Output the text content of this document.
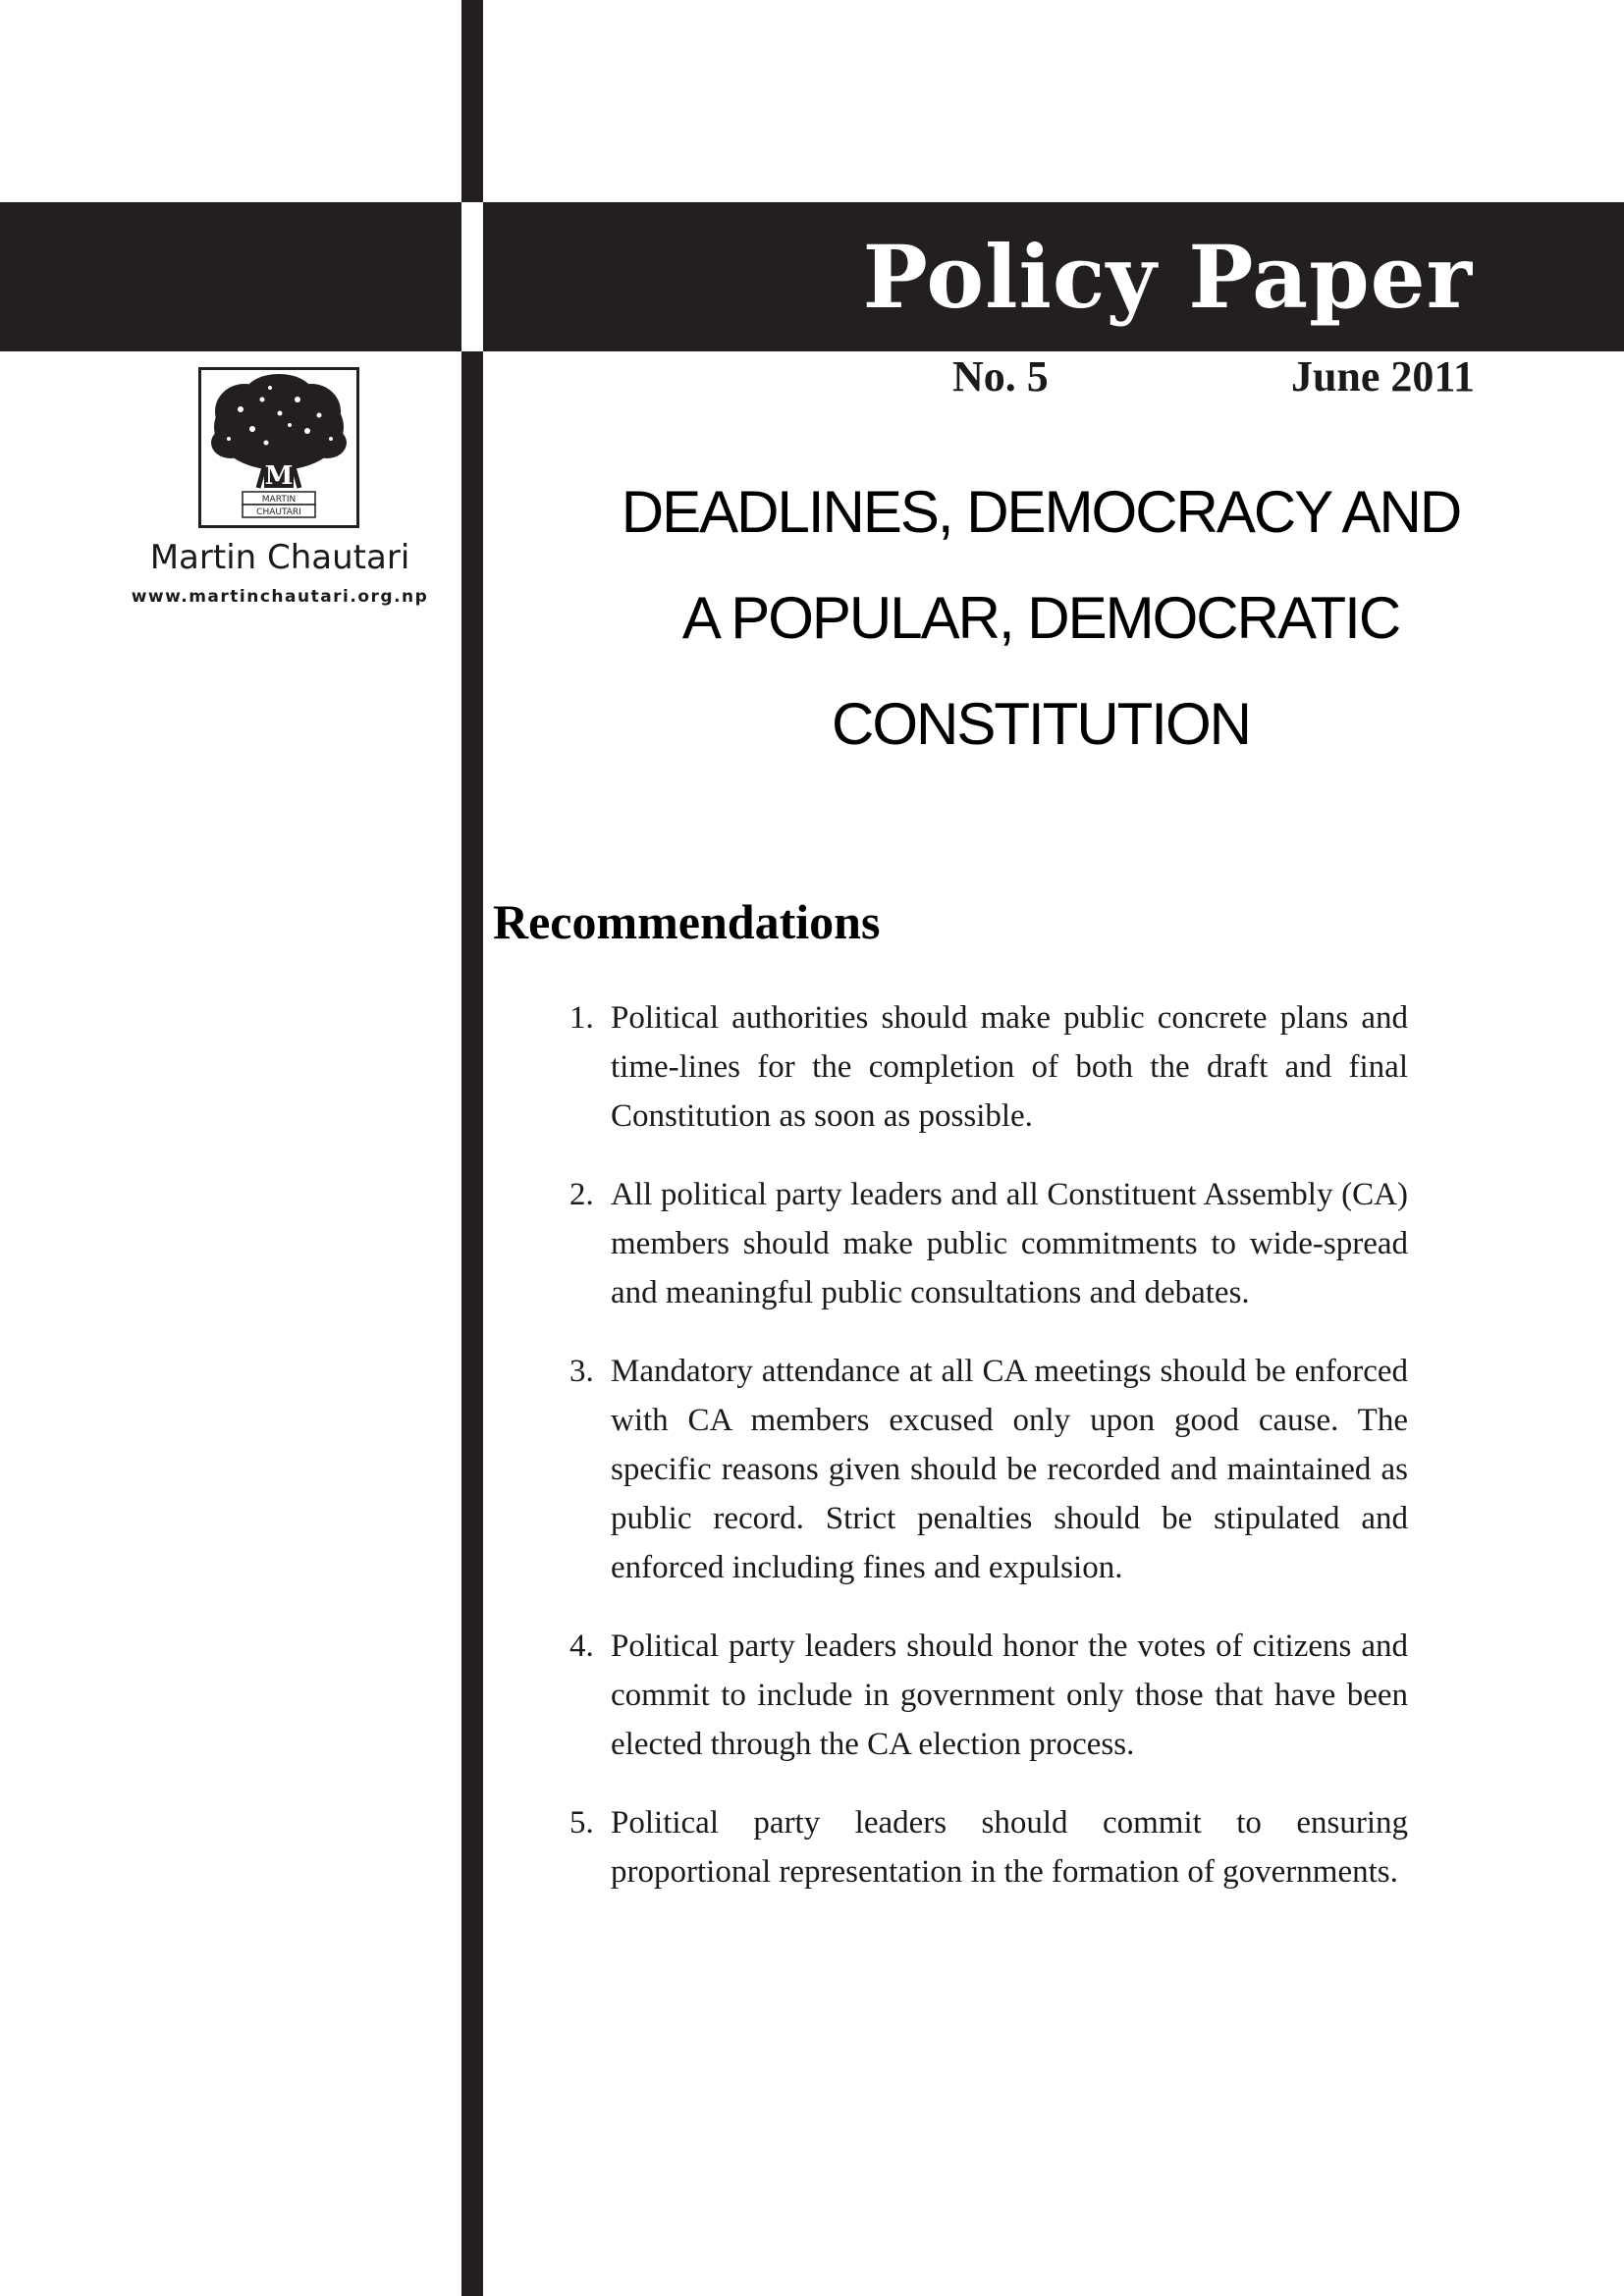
Policy Paper
No. 5	June 2011
M
MARTIN
CHAUTARI
Martin Chautari
www.martinchautari.org.np
DEADLINES, DEMOCRACY AND
A POPULAR, DEMOCRATIC
CONSTITUTION
Recommendations
1. Political authorities should make public concrete plans and time-lines for the completion of both the draft and final Constitution as soon as possible.
2. All political party leaders and all Constituent Assembly (CA) members should make public commitments to wide-spread and meaningful public consultations and debates.
3. Mandatory attendance at all CA meetings should be enforced with CA members excused only upon good cause. The specific reasons given should be recorded and maintained as public record. Strict penalties should be stipulated and enforced including fines and expulsion.
4. Political party leaders should honor the votes of citizens and commit to include in government only those that have been elected through the CA election process.
5. Political party leaders should commit to ensuring proportional representation in the formation of governments.
